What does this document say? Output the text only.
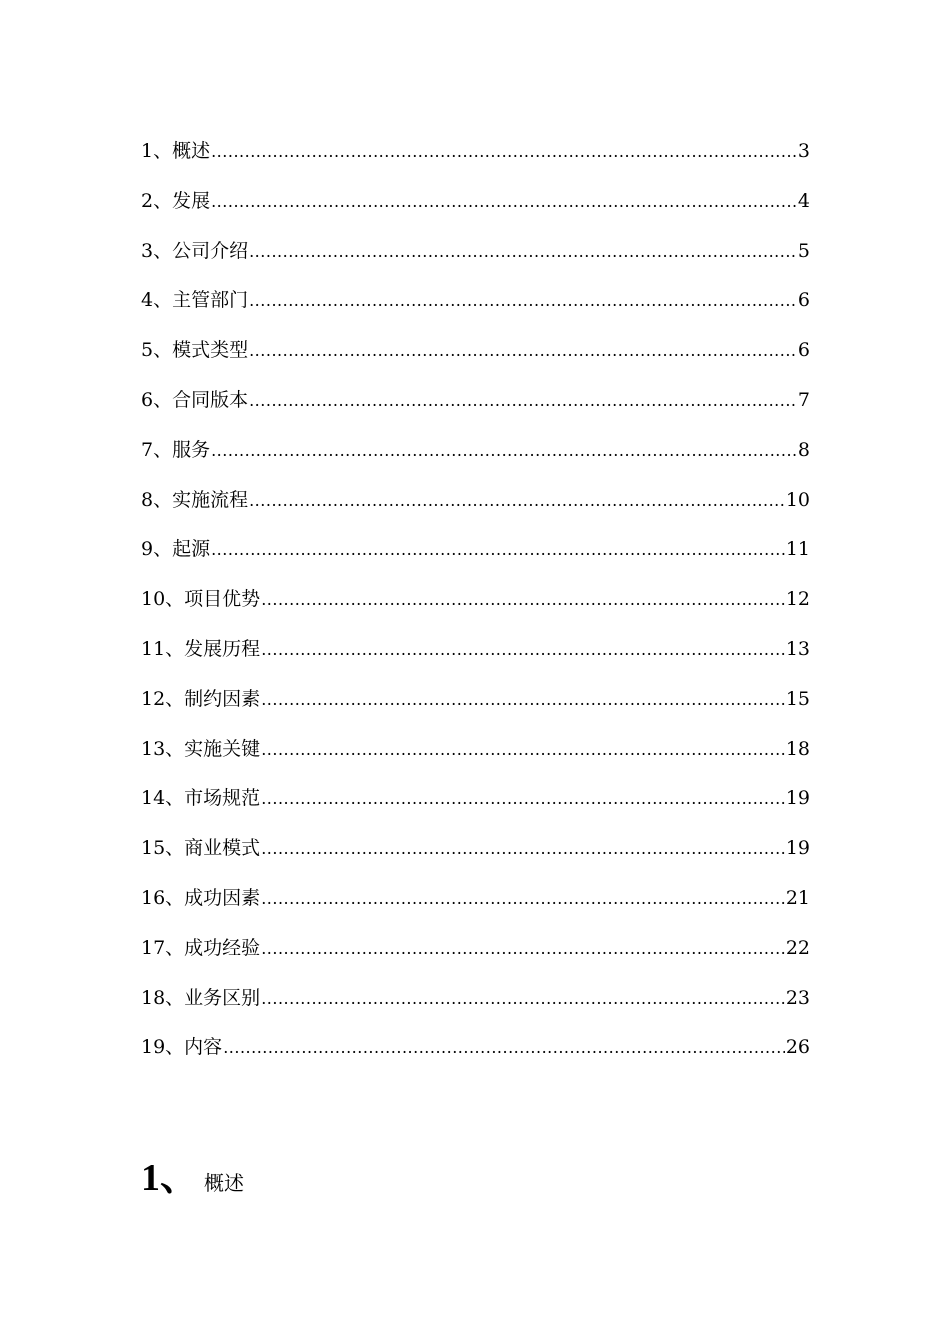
1、概述 .....	3
2、发展 .....	4
3、公司介绍 .....	5
4、主管部门 .....	6
5、模式类型 .....	6
6、合同版本 .....	7
7、服务 .....	8
8、实施流程 .....	10
9、起源 .....	11
10、项目优势 .....	12
11、发展历程 .....	13
12、制约因素 .....	15
13、实施关键 .....	18
14、市场规范 .....	19
15、商业模式 .....	19
16、成功因素 .....	21
17、成功经验 .....	22
18、业务区别 .....	23
19、内容 .....	26
1、 概述
